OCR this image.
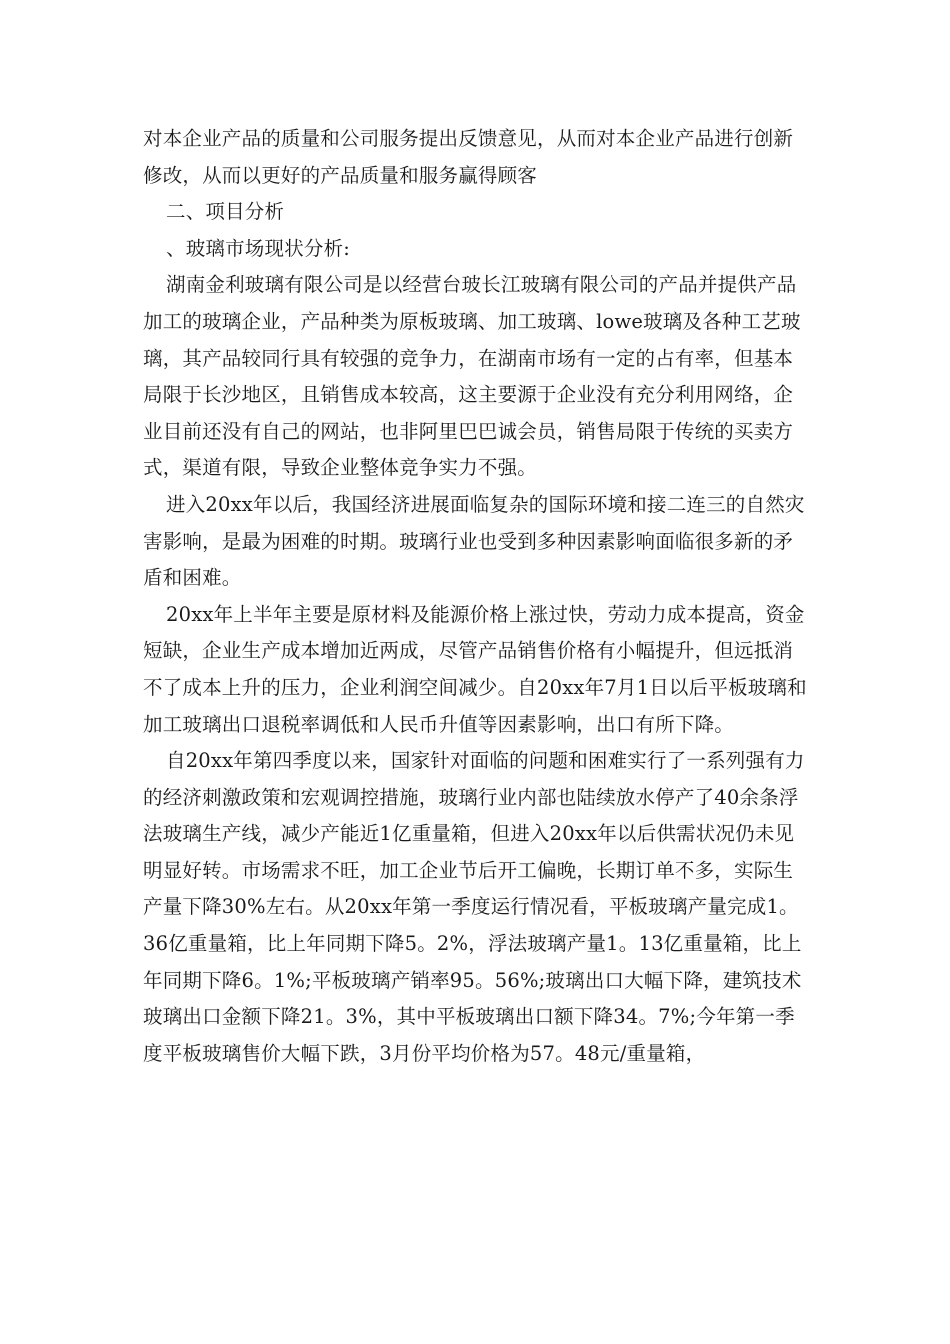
对本企业产品的质量和公司服务提出反馈意见，从而对本企业产品进行创新修改，从而以更好的产品质量和服务赢得顾客

二、项目分析

、玻璃市场现状分析:

湖南金利玻璃有限公司是以经营台玻长江玻璃有限公司的产品并提供产品加工的玻璃企业，产品种类为原板玻璃、加工玻璃、lowe玻璃及各种工艺玻璃，其产品较同行具有较强的竞争力，在湖南市场有一定的占有率，但基本局限于长沙地区，且销售成本较高，这主要源于企业没有充分利用网络，企业目前还没有自己的网站，也非阿里巴巴诚会员，销售局限于传统的买卖方式，渠道有限，导致企业整体竞争实力不强。

进入20xx年以后，我国经济进展面临复杂的国际环境和接二连三的自然灾害影响，是最为困难的时期。玻璃行业也受到多种因素影响面临很多新的矛盾和困难。

20xx年上半年主要是原材料及能源价格上涨过快，劳动力成本提高，资金短缺，企业生产成本增加近两成，尽管产品销售价格有小幅提升，但远抵消不了成本上升的压力，企业利润空间减少。自20xx年7月1日以后平板玻璃和加工玻璃出口退税率调低和人民币升值等因素影响，出口有所下降。

自20xx年第四季度以来，国家针对面临的问题和困难实行了一系列强有力的经济刺激政策和宏观调控措施，玻璃行业内部也陆续放水停产了40余条浮法玻璃生产线，减少产能近1亿重量箱，但进入20xx年以后供需状况仍未见明显好转。市场需求不旺，加工企业节后开工偏晚，长期订单不多，实际生产量下降30%左右。从20xx年第一季度运行情况看，平板玻璃产量完成1。36亿重量箱，比上年同期下降5。2%，浮法玻璃产量1。13亿重量箱，比上年同期下降6。1%;平板玻璃产销率95。56%;玻璃出口大幅下降，建筑技术玻璃出口金额下降21。3%，其中平板玻璃出口额下降34。7%;今年第一季度平板玻璃售价大幅下跌，3月份平均价格为57。48元/重量箱，
